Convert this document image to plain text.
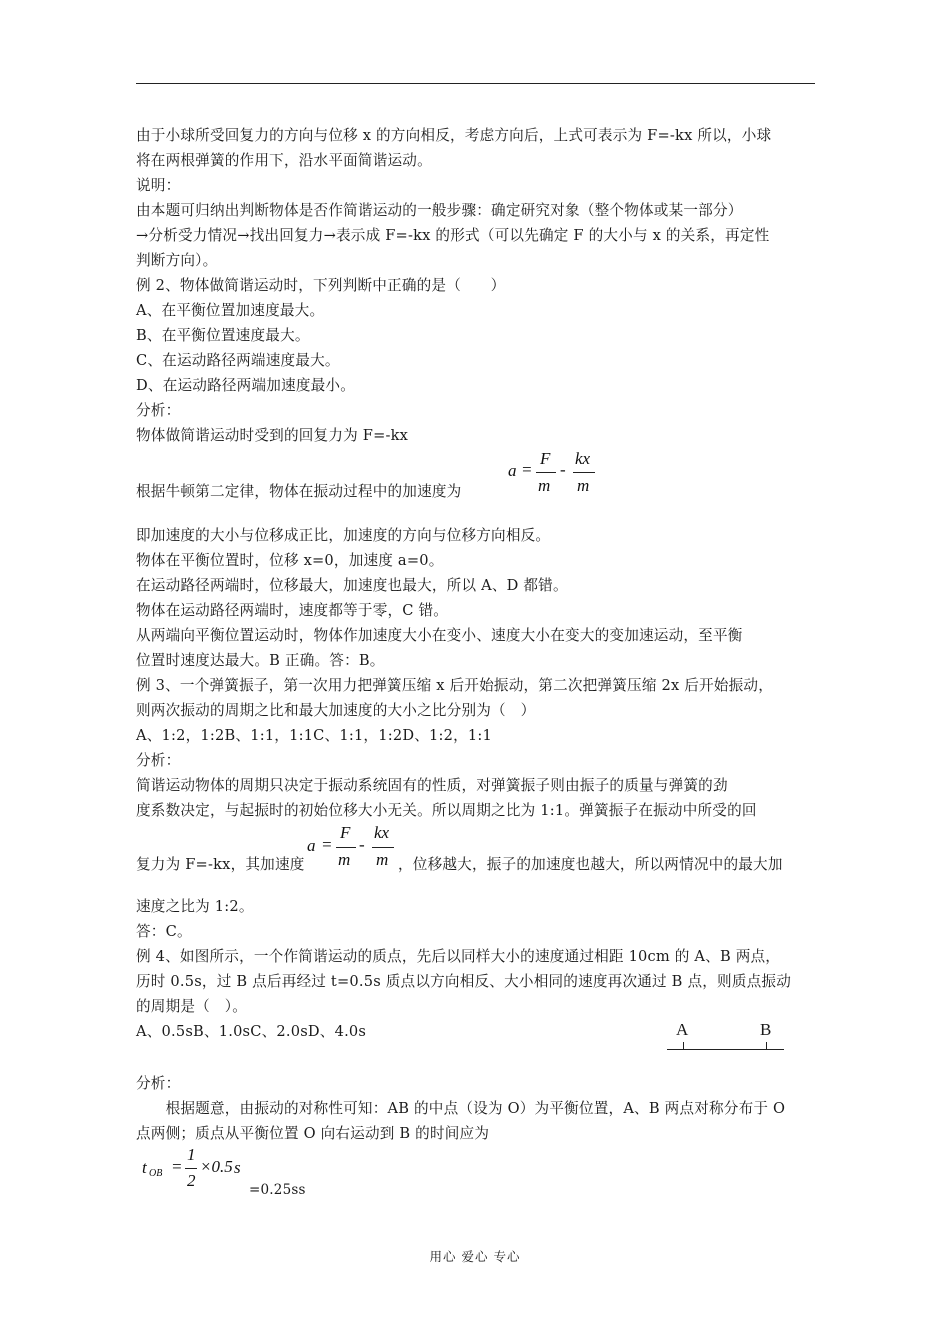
由于小球所受回复力的方向与位移 x 的方向相反，考虑方向后，上式可表示为 F=-kx 所以，小球
将在两根弹簧的作用下，沿水平面简谐运动。
说明：
由本题可归纳出判断物体是否作简谐运动的一般步骤：确定研究对象（整个物体或某一部分）
→分析受力情况→找出回复力→表示成 F=-kx 的形式（可以先确定 F 的大小与 x 的关系，再定性
判断方向）。
例 2、物体做简谐运动时，下列判断中正确的是（　　）
A、在平衡位置加速度最大。
B、在平衡位置速度最大。
C、在运动路径两端速度最大。
D、在运动路径两端加速度最小。
分析：
物体做简谐运动时受到的回复力为 F=-kx
根据牛顿第二定律，物体在振动过程中的加速度为
a =
F
m
-
kx
m
即加速度的大小与位移成正比，加速度的方向与位移方向相反。
物体在平衡位置时，位移 x=0，加速度 a=0。
在运动路径两端时，位移最大，加速度也最大，所以 A、D 都错。
物体在运动路径两端时，速度都等于零，C 错。
从两端向平衡位置运动时，物体作加速度大小在变小、速度大小在变大的变加速运动，至平衡
位置时速度达最大。B 正确。答：B。
例 3、一个弹簧振子，第一次用力把弹簧压缩 x 后开始振动，第二次把弹簧压缩 2x 后开始振动，
则两次振动的周期之比和最大加速度的大小之比分别为（　）
A、1:2，1:2B、1:1，1:1C、1:1，1:2D、1:2，1:1
分析：
简谐运动物体的周期只决定于振动系统固有的性质，对弹簧振子则由振子的质量与弹簧的劲
度系数决定，与起振时的初始位移大小无关。所以周期之比为 1:1。弹簧振子在振动中所受的回
复力为 F=-kx，其加速度	，位移越大，振子的加速度也越大，所以两情况中的最大加
a =
F
m
-
kx
m
速度之比为 1:2。
答：C。
例 4、如图所示，一个作简谐运动的质点，先后以同样大小的速度通过相距 10cm 的 A、B 两点，
历时 0.5s，过 B 点后再经过 t=0.5s 质点以方向相反、大小相同的速度再次通过 B 点，则质点振动
的周期是（　）。
A、0.5sB、1.0sC、2.0sD、4.0s	A	B
分析：
　　根据题意，由振动的对称性可知：AB 的中点（设为 O）为平衡位置，A、B 两点对称分布于 O
点两侧；质点从平衡位置 O 向右运动到 B 的时间应为
t OB =
1
2
×0.5 s
=0.25ss
用心 爱心 专心
